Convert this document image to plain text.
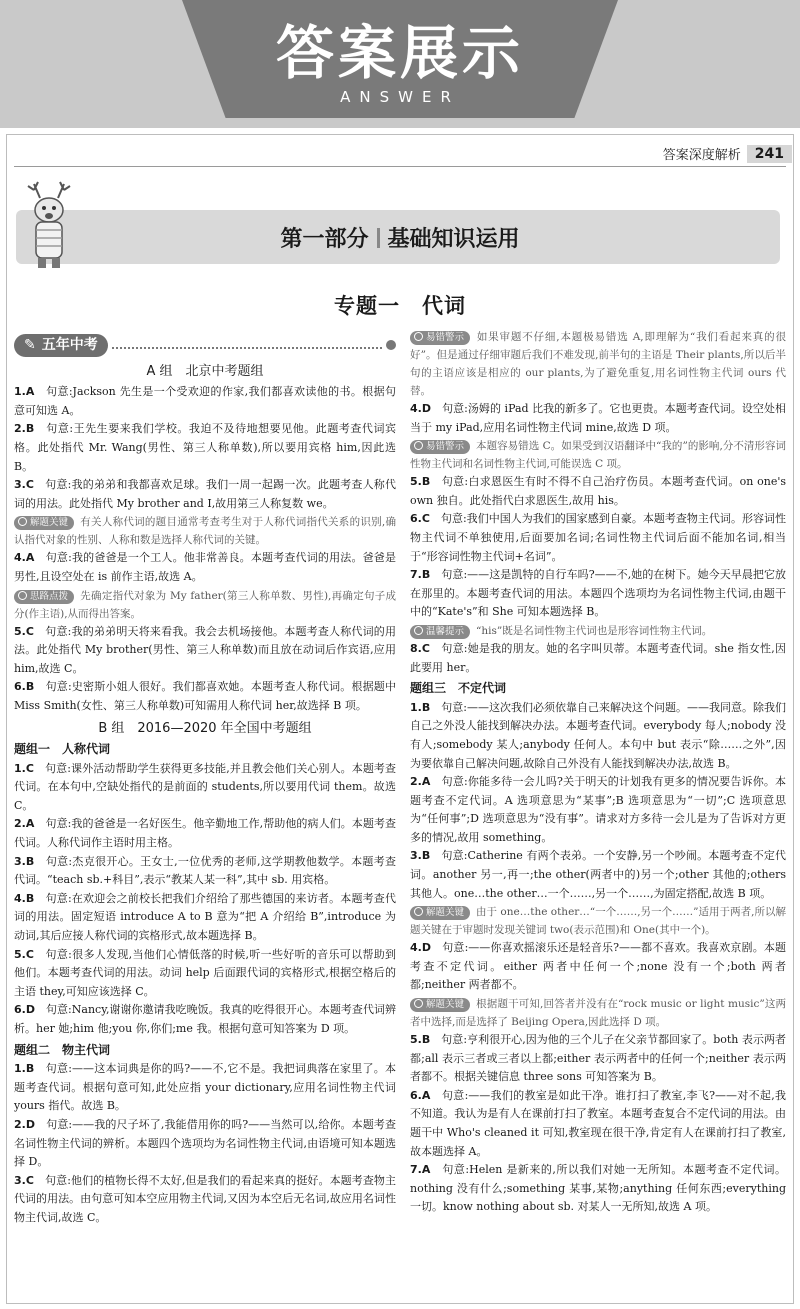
答案展示
ANSWER
答案深度解析	241
第一部分 基础知识运用
专题一　代词
✎ 五年中考
A 组　北京中考题组
1.A　 句意:Jackson 先生是一个受欢迎的作家,我们都喜欢读他的书。根据句意可知选 A。
2.B　 句意:王先生要来我们学校。我迫不及待地想要见他。此题考查代词宾格。此处指代 Mr. Wang(男性、第三人称单数),所以要用宾格 him,因此选 B。
3.C　 句意:我的弟弟和我都喜欢足球。我们一周一起踢一次。此题考查人称代词的用法。此处指代 My brother and I,故用第三人称复数 we。
解题关键 有关人称代词的题目通常考查考生对于人称代词指代关系的识别,确认指代对象的性别、人称和数是选择人称代词的关键。
4.A　 句意:我的爸爸是一个工人。他非常善良。本题考查代词的用法。爸爸是男性,且设空处在 is 前作主语,故选 A。
思路点拨 先确定指代对象为 My father(第三人称单数、男性),再确定句子成分(作主语),从而得出答案。
5.C　 句意:我的弟弟明天将来看我。我会去机场接他。本题考查人称代词的用法。此处指代 My brother(男性、第三人称单数)而且放在动词后作宾语,应用 him,故选 C。
6.B　 句意:史密斯小姐人很好。我们都喜欢她。本题考查人称代词。根据题中 Miss Smith(女性、第三人称单数)可知需用人称代词 her,故选择 B 项。
B 组　2016—2020 年全国中考题组
题组一　人称代词
1.C　 句意:课外活动帮助学生获得更多技能,并且教会他们关心别人。本题考查代词。在本句中,空缺处指代的是前面的 students,所以要用代词 them。故选 C。
2.A　 句意:我的爸爸是一名好医生。他辛勤地工作,帮助他的病人们。本题考查代词。人称代词作主语时用主格。
3.B　 句意:杰克很开心。王女士,一位优秀的老师,这学期教他数学。本题考查代词。“teach sb.+科目”,表示“教某人某一科”,其中 sb. 用宾格。
4.B　 句意:在欢迎会之前校长把我们介绍给了那些德国的来访者。本题考查代词的用法。固定短语 introduce A to B 意为“把 A 介绍给 B”,introduce 为动词,其后应接人称代词的宾格形式,故本题选择 B。
5.C　 句意:很多人发现,当他们心情低落的时候,听一些好听的音乐可以帮助到他们。本题考查代词的用法。动词 help 后面跟代词的宾格形式,根据空格后的主语 they,可知应该选择 C。
6.D　 句意:Nancy,谢谢你邀请我吃晚饭。我真的吃得很开心。本题考查代词辨析。her 她;him 他;you 你,你们;me 我。根据句意可知答案为 D 项。
题组二　物主代词
1.B　 句意:——这本词典是你的吗?——不,它不是。我把词典落在家里了。本题考查代词。根据句意可知,此处应指 your dictionary,应用名词性物主代词 yours 指代。故选 B。
2.D　 句意:——我的尺子坏了,我能借用你的吗?——当然可以,给你。本题考查名词性物主代词的辨析。本题四个选项均为名词性物主代词,由语境可知本题选择 D。
3.C　 句意:他们的植物长得不太好,但是我们的看起来真的挺好。本题考查物主代词的用法。由句意可知本空应用物主代词,又因为本空后无名词,故应用名词性物主代词,故选 C。
易错警示 如果审题不仔细,本题极易错选 A,即理解为“我们看起来真的很好”。但是通过仔细审题后我们不难发现,前半句的主语是 Their plants,所以后半句的主语应该是相应的 our plants,为了避免重复,用名词性物主代词 ours 代替。
4.D　 句意:汤姆的 iPad 比我的新多了。它也更贵。本题考查代词。设空处相当于 my iPad,应用名词性物主代词 mine,故选 D 项。
易错警示 本题容易错选 C。如果受到汉语翻译中“我的”的影响,分不清形容词性物主代词和名词性物主代词,可能误选 C 项。
5.B　 句意:白求恩医生有时不得不自己治疗伤员。本题考查代词。on one's own 独自。此处指代白求恩医生,故用 his。
6.C　 句意:我们中国人为我们的国家感到自豪。本题考查物主代词。形容词性物主代词不单独使用,后面要加名词;名词性物主代词后面不能加名词,相当于“形容词性物主代词+名词”。
7.B　 句意:——这是凯特的自行车吗?——不,她的在树下。她今天早晨把它放在那里的。本题考查代词的用法。本题四个选项均为名词性物主代词,由题干中的“Kate's”和 She 可知本题选择 B。
温馨提示 “his”既是名词性物主代词也是形容词性物主代词。
8.C　 句意:她是我的朋友。她的名字叫贝蒂。本题考查代词。she 指女性,因此要用 her。
题组三　不定代词
1.B　 句意:——这次我们必须依靠自己来解决这个问题。——我同意。除我们自己之外没人能找到解决办法。本题考查代词。everybody 每人;nobody 没有人;somebody 某人;anybody 任何人。本句中 but 表示“除……之外”,因为要依靠自己解决问题,故除自己外没有人能找到解决办法,故选 B。
2.A　 句意:你能多待一会儿吗?关于明天的计划我有更多的情况要告诉你。本题考查不定代词。A 选项意思为“某事”;B 选项意思为“一切”;C 选项意思为“任何事”;D 选项意思为“没有事”。请求对方多待一会儿是为了告诉对方更多的情况,故用 something。
3.B　 句意:Catherine 有两个表弟。一个安静,另一个吵闹。本题考查不定代词。another 另一,再一;the other(两者中的)另一个;other 其他的;others 其他人。one…the other…一个……,另一个……,为固定搭配,故选 B 项。
解题关键 由于 one…the other…“一个……,另一个……”适用于两者,所以解题关键在于审题时发现关键词 two(表示范围)和 One(其中一个)。
4.D　 句意:——你喜欢摇滚乐还是轻音乐?——都不喜欢。我喜欢京剧。本题考查不定代词。either 两者中任何一个;none 没有一个;both 两者都;neither 两者都不。
解题关键 根据题干可知,回答者并没有在“rock music or light music”这两者中选择,而是选择了 Beijing Opera,因此选择 D 项。
5.B　 句意:亨利很开心,因为他的三个儿子在父亲节都回家了。both 表示两者都;all 表示三者或三者以上都;either 表示两者中的任何一个;neither 表示两者都不。根据关键信息 three sons 可知答案为 B。
6.A　 句意:——我们的教室是如此干净。谁打扫了教室,李飞?——对不起,我不知道。我认为是有人在课前打扫了教室。本题考查复合不定代词的用法。由题干中 Who's cleaned it 可知,教室现在很干净,肯定有人在课前打扫了教室,故本题选择 A。
7.A　 句意:Helen 是新来的,所以我们对她一无所知。本题考查不定代词。nothing 没有什么;something 某事,某物;anything 任何东西;everything 一切。know nothing about sb. 对某人一无所知,故选 A 项。
